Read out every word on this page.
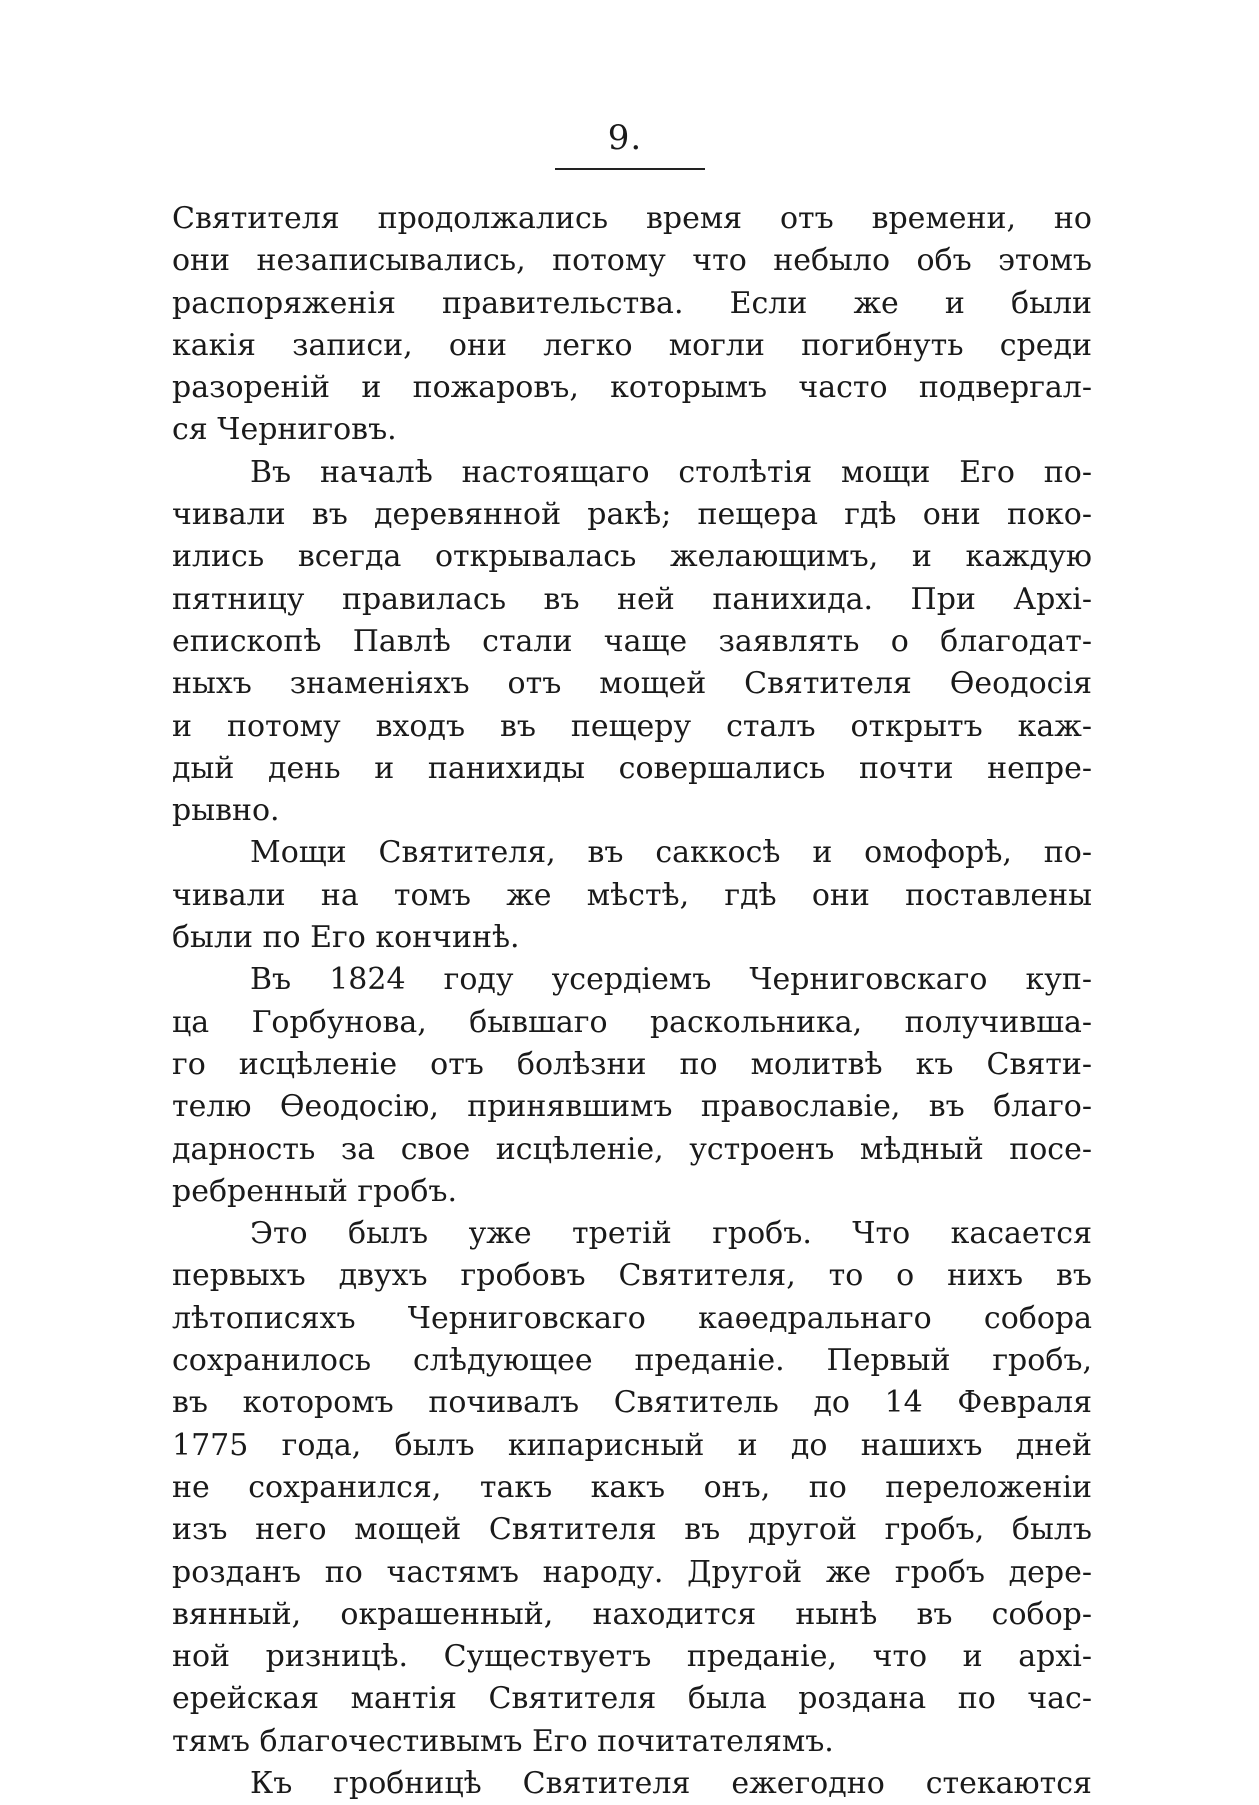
9.
Святителя продолжались время отъ времени, но
они незаписывались, потому что небыло объ этомъ
распоряженія правительства. Если же и были
какія записи, они легко могли погибнуть среди
разореній и пожаровъ, которымъ часто подвергал-
ся Черниговъ.
Въ началѣ настоящаго столѣтія мощи Его по-
чивали въ деревянной ракѣ; пещера гдѣ они поко-
ились всегда открывалась желающимъ, и каждую
пятницу правилась въ ней панихида. При Архі-
епископѣ Павлѣ стали чаще заявлять о благодат-
ныхъ знаменіяхъ отъ мощей Святителя Ѳеодосія
и потому входъ въ пещеру сталъ открытъ каж-
дый день и панихиды совершались почти непре-
рывно.
Мощи Святителя, въ саккосѣ и омофорѣ, по-
чивали на томъ же мѣстѣ, гдѣ они поставлены
были по Его кончинѣ.
Въ 1824 году усердіемъ Черниговскаго куп-
ца Горбунова, бывшаго раскольника, получившa-
го исцѣленіе отъ болѣзни по молитвѣ къ Святи-
телю Ѳеодосію, принявшимъ православіе, въ благо-
дарность за свое исцѣленіе, устроенъ мѣдный посе-
ребренный гробъ.
Это былъ уже третій гробъ. Что касается
первыхъ двухъ гробовъ Святителя, то о нихъ въ
лѣтописяхъ Черниговскаго каѳедральнаго собора
сохранилось слѣдующее преданіе. Первый гробъ,
въ которомъ почивалъ Святитель до 14 Февраля
1775 года, былъ кипарисный и до нашихъ дней
не сохранился, такъ какъ онъ, по переложеніи
изъ него мощей Святителя въ другой гробъ, былъ
розданъ по частямъ народу. Другой же гробъ дере-
вянный, окрашенный, находится нынѣ въ собор-
ной ризницѣ. Существуетъ преданіе, что и архі-
ерейская мантія Святителя была роздана по час-
тямъ благочестивымъ Его почитателямъ.
Къ гробницѣ Святителя ежегодно стекаются
